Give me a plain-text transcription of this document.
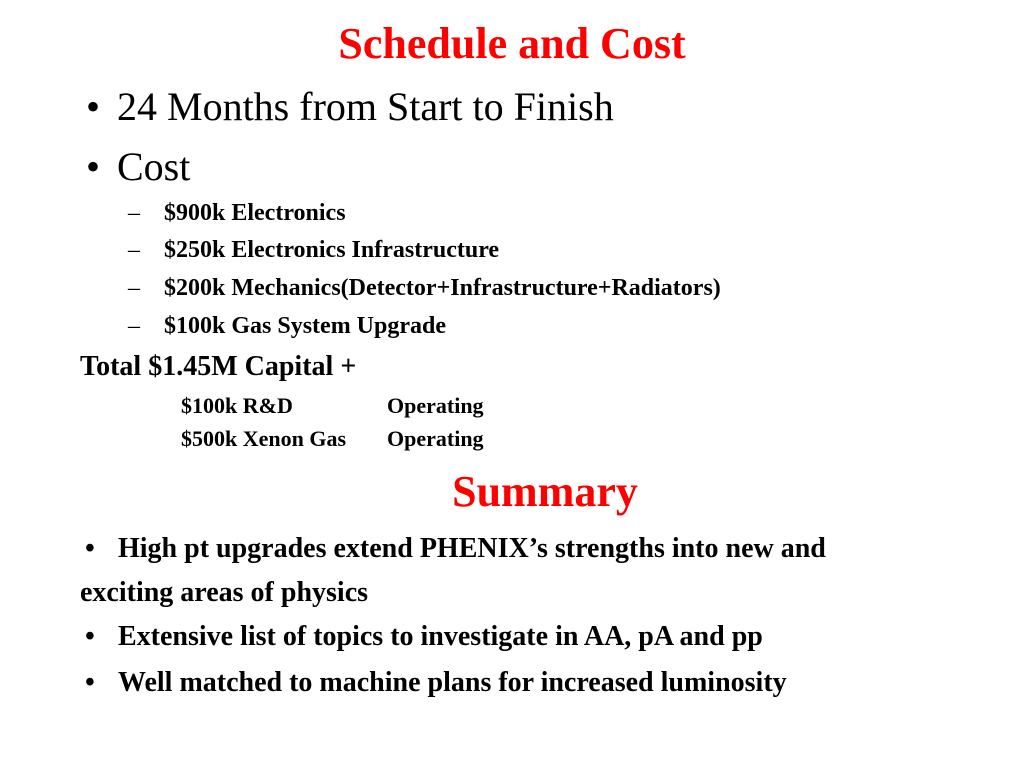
Schedule and Cost
• 24 Months from Start to Finish
• Cost
– $900k Electronics
– $250k Electronics Infrastructure
– $200k Mechanics(Detector+Infrastructure+Radiators)
– $100k Gas System Upgrade
Total $1.45M Capital +
$100k R&D	Operating
$500k Xenon Gas Operating
Summary
• High pt upgrades extend PHENIX’s strengths into new and
exciting areas of physics
• Extensive list of topics to investigate in AA, pA and pp
• Well matched to machine plans for increased luminosity
